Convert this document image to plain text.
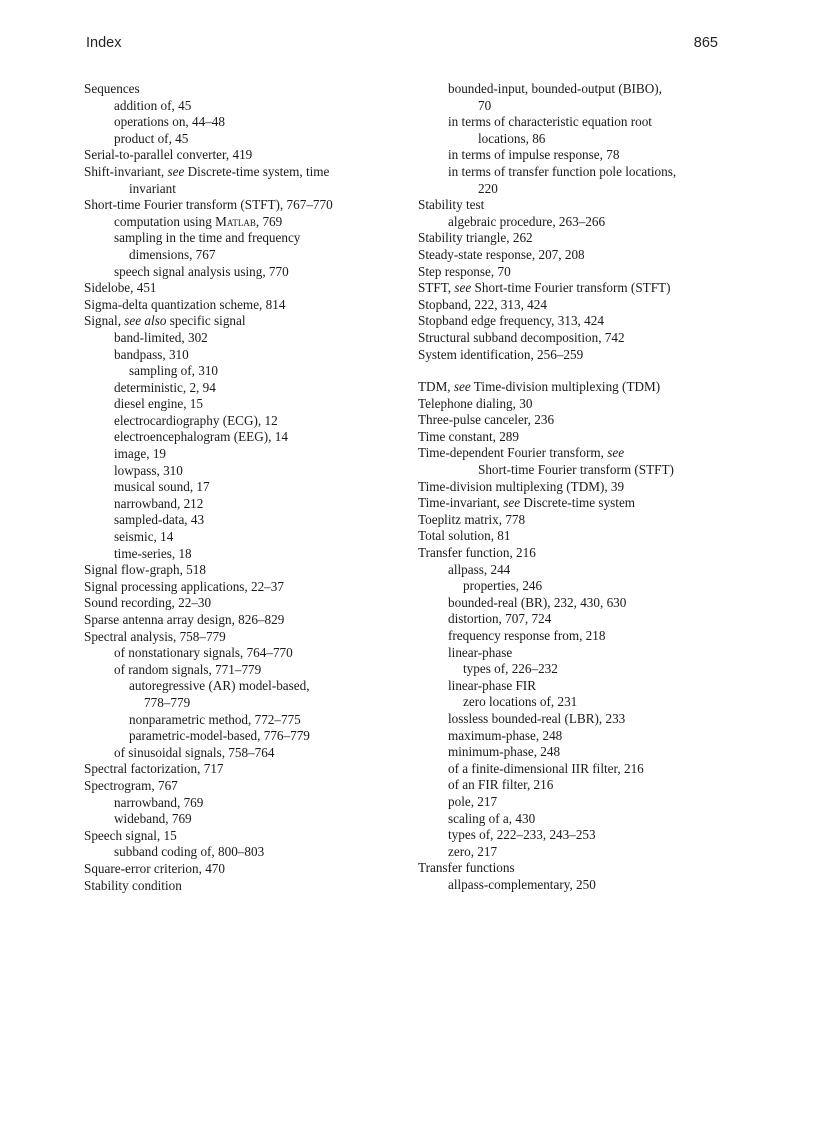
Index	865
Sequences
addition of, 45
operations on, 44–48
product of, 45
Serial-to-parallel converter, 419
Shift-invariant, see Discrete-time system, time
invariant
Short-time Fourier transform (STFT), 767–770
computation using Matlab, 769
sampling in the time and frequency
dimensions, 767
speech signal analysis using, 770
Sidelobe, 451
Sigma-delta quantization scheme, 814
Signal, see also specific signal
band-limited, 302
bandpass, 310
sampling of, 310
deterministic, 2, 94
diesel engine, 15
electrocardiography (ECG), 12
electroencephalogram (EEG), 14
image, 19
lowpass, 310
musical sound, 17
narrowband, 212
sampled-data, 43
seismic, 14
time-series, 18
Signal flow-graph, 518
Signal processing applications, 22–37
Sound recording, 22–30
Sparse antenna array design, 826–829
Spectral analysis, 758–779
of nonstationary signals, 764–770
of random signals, 771–779
autoregressive (AR) model-based,
778–779
nonparametric method, 772–775
parametric-model-based, 776–779
of sinusoidal signals, 758–764
Spectral factorization, 717
Spectrogram, 767
narrowband, 769
wideband, 769
Speech signal, 15
subband coding of, 800–803
Square-error criterion, 470
Stability condition
bounded-input, bounded-output (BIBO),
70
in terms of characteristic equation root
locations, 86
in terms of impulse response, 78
in terms of transfer function pole locations,
220
Stability test
algebraic procedure, 263–266
Stability triangle, 262
Steady-state response, 207, 208
Step response, 70
STFT, see Short-time Fourier transform (STFT)
Stopband, 222, 313, 424
Stopband edge frequency, 313, 424
Structural subband decomposition, 742
System identification, 256–259
TDM, see Time-division multiplexing (TDM)
Telephone dialing, 30
Three-pulse canceler, 236
Time constant, 289
Time-dependent Fourier transform, see
Short-time Fourier transform (STFT)
Time-division multiplexing (TDM), 39
Time-invariant, see Discrete-time system
Toeplitz matrix, 778
Total solution, 81
Transfer function, 216
allpass, 244
properties, 246
bounded-real (BR), 232, 430, 630
distortion, 707, 724
frequency response from, 218
linear-phase
types of, 226–232
linear-phase FIR
zero locations of, 231
lossless bounded-real (LBR), 233
maximum-phase, 248
minimum-phase, 248
of a finite-dimensional IIR filter, 216
of an FIR filter, 216
pole, 217
scaling of a, 430
types of, 222–233, 243–253
zero, 217
Transfer functions
allpass-complementary, 250
